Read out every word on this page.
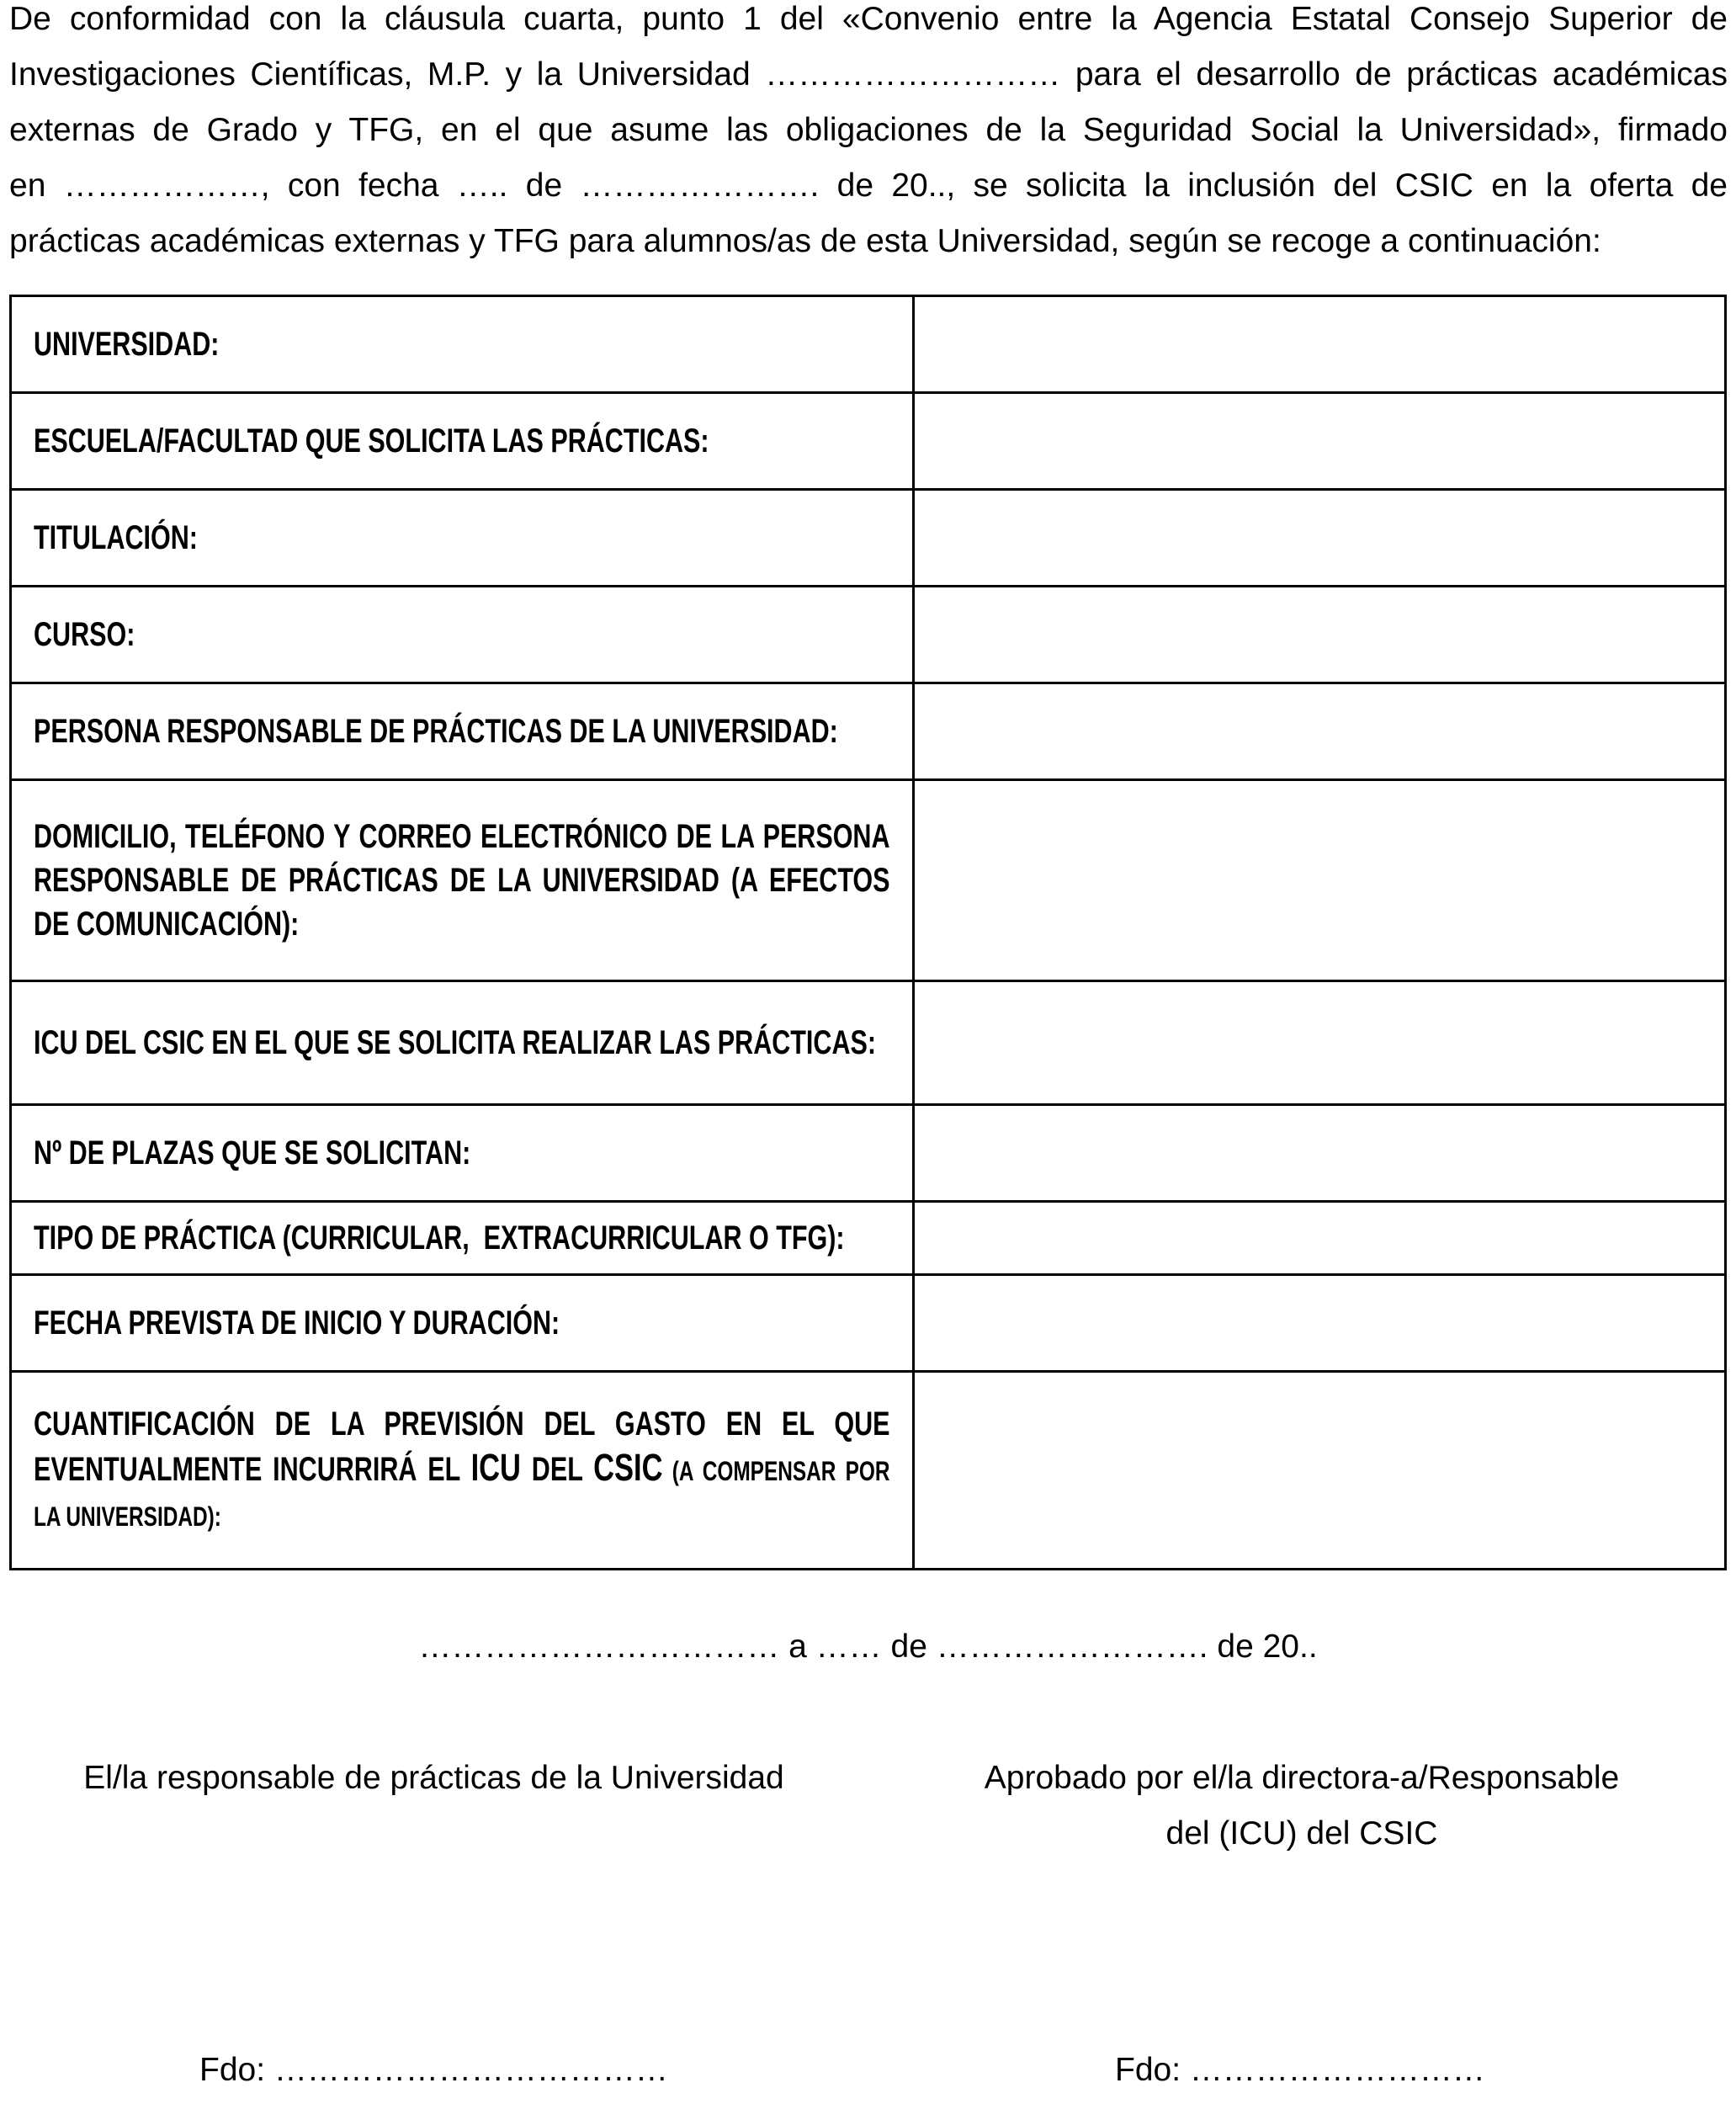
De conformidad con la cláusula cuarta, punto 1 del «Convenio entre la Agencia Estatal Consejo Superior de
Investigaciones Científicas, M.P. y la Universidad ……………………… para el desarrollo de prácticas académicas
externas de Grado y TFG, en el que asume las obligaciones de la Seguridad Social la Universidad», firmado
en ………………, con fecha ….. de …………………. de 20.., se solicita la inclusión del CSIC en la oferta de
prácticas académicas externas y TFG para alumnos/as de esta Universidad, según se recoge a continuación:
UNIVERSIDAD:	

ESCUELA/FACULTAD QUE SOLICITA LAS PRÁCTICAS:	

TITULACIÓN:	

CURSO:	

PERSONA RESPONSABLE DE PRÁCTICAS DE LA UNIVERSIDAD:	

DOMICILIO, TELÉFONO Y CORREO ELECTRÓNICO DE LA PERSONA RESPONSABLE DE PRÁCTICAS DE LA UNIVERSIDAD (A EFECTOS DE COMUNICACIÓN):	

ICU DEL CSIC EN EL QUE SE SOLICITA REALIZAR LAS PRÁCTICAS:	

Nº DE PLAZAS QUE SE SOLICITAN:	

TIPO DE PRÁCTICA (CURRICULAR,  EXTRACURRICULAR O TFG):	

FECHA PREVISTA DE INICIO Y DURACIÓN:	

CUANTIFICACIÓN DE LA PREVISIÓN DEL GASTO EN EL QUE EVENTUALMENTE INCURRIRÁ EL ICU DEL CSIC (A COMPENSAR POR LA UNIVERSIDAD):	

…………………………… a …… de ……………………. de 20..
El/la responsable de prácticas de la Universidad	Aprobado por el/la directora-a/Responsable
del (ICU) del CSIC
Fdo: ………………………………	Fdo: ………………………
